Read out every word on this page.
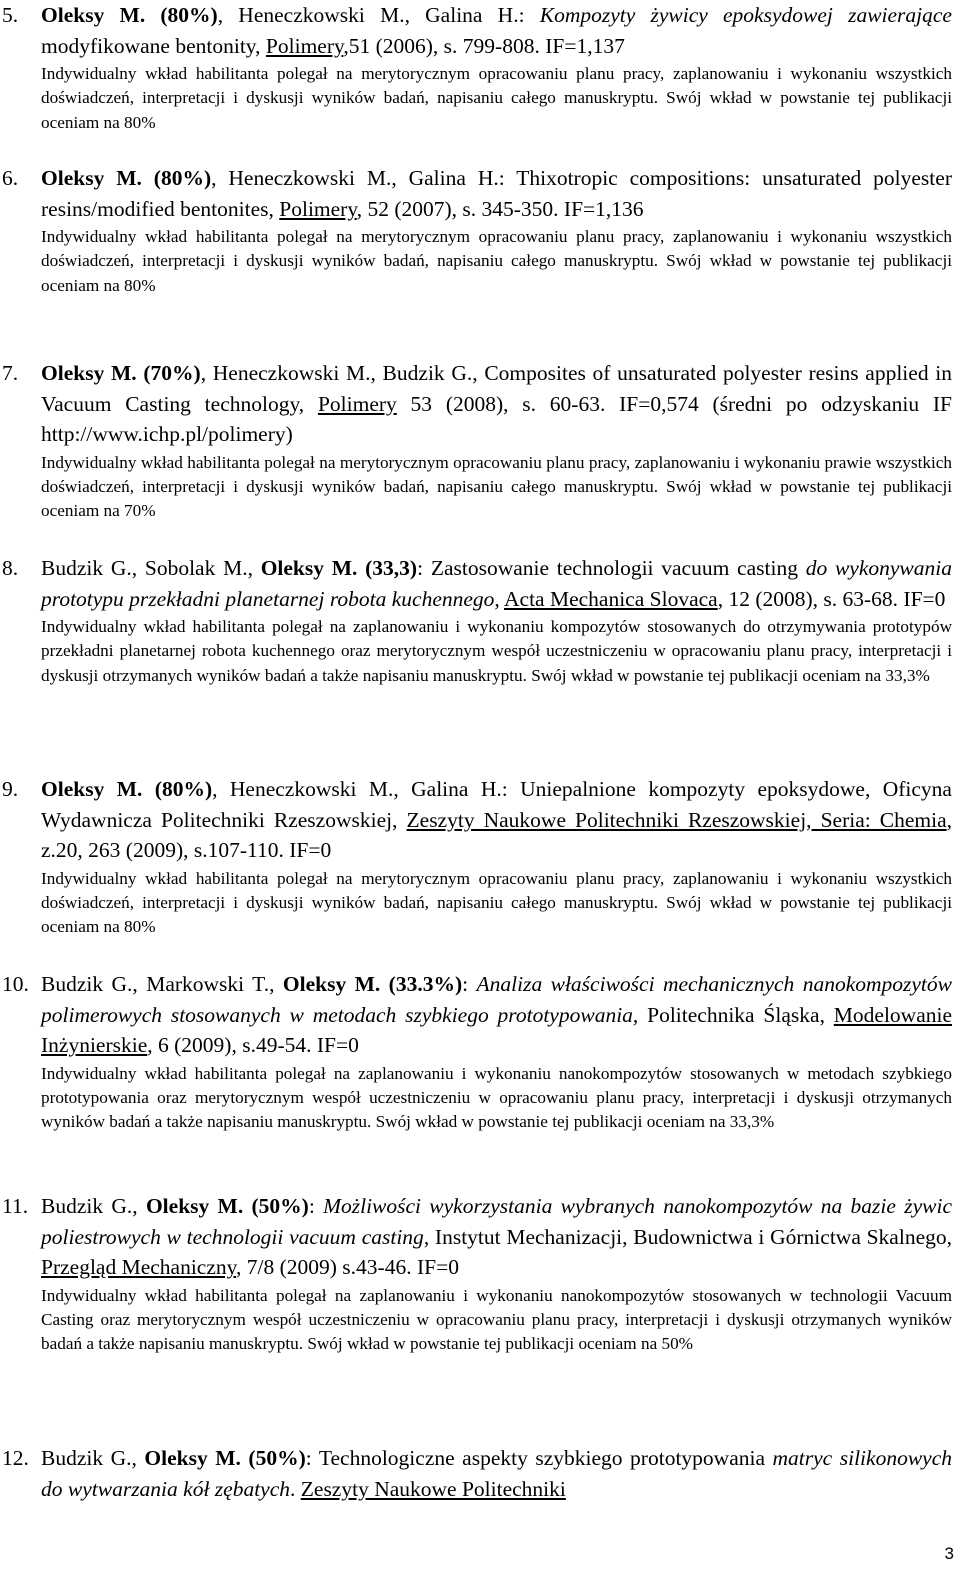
5. Oleksy M. (80%), Heneczkowski M., Galina H.: Kompozyty żywicy epoksydowej zawierające modyfikowane bentonity, Polimery,51 (2006), s. 799-808. IF=1,137
Indywidualny wkład habilitanta polegał na merytorycznym opracowaniu planu pracy, zaplanowaniu i wykonaniu wszystkich doświadczeń, interpretacji i dyskusji wyników badań, napisaniu całego manuskryptu. Swój wkład w powstanie tej publikacji oceniam na 80%
6. Oleksy M. (80%), Heneczkowski M., Galina H.: Thixotropic compositions: unsaturated polyester resins/modified bentonites, Polimery, 52 (2007), s. 345-350. IF=1,136
Indywidualny wkład habilitanta polegał na merytorycznym opracowaniu planu pracy, zaplanowaniu i wykonaniu wszystkich doświadczeń, interpretacji i dyskusji wyników badań, napisaniu całego manuskryptu. Swój wkład w powstanie tej publikacji oceniam na 80%
7. Oleksy M. (70%), Heneczkowski M., Budzik G., Composites of unsaturated polyester resins applied in Vacuum Casting technology, Polimery 53 (2008), s. 60-63. IF=0,574 (średni po odzyskaniu IF http://www.ichp.pl/polimery)
Indywidualny wkład habilitanta polegał na merytorycznym opracowaniu planu pracy, zaplanowaniu i wykonaniu prawie wszystkich doświadczeń, interpretacji i dyskusji wyników badań, napisaniu całego manuskryptu. Swój wkład w powstanie tej publikacji oceniam na 70%
8. Budzik G., Sobolak M., Oleksy M. (33,3): Zastosowanie technologii vacuum casting do wykonywania prototypu przekładni planetarnej robota kuchennego, Acta Mechanica Slovaca, 12 (2008), s. 63-68. IF=0
Indywidualny wkład habilitanta polegał na zaplanowaniu i wykonaniu kompozytów stosowanych do otrzymywania prototypów przekładni planetarnej robota kuchennego oraz merytorycznym wespół uczestniczeniu w opracowaniu planu pracy, interpretacji i dyskusji otrzymanych wyników badań a także napisaniu manuskryptu. Swój wkład w powstanie tej publikacji oceniam na 33,3%
9. Oleksy M. (80%), Heneczkowski M., Galina H.: Uniepalnione kompozyty epoksydowe, Oficyna Wydawnicza Politechniki Rzeszowskiej, Zeszyty Naukowe Politechniki Rzeszowskiej, Seria: Chemia, z.20, 263 (2009), s.107-110. IF=0
Indywidualny wkład habilitanta polegał na merytorycznym opracowaniu planu pracy, zaplanowaniu i wykonaniu wszystkich doświadczeń, interpretacji i dyskusji wyników badań, napisaniu całego manuskryptu. Swój wkład w powstanie tej publikacji oceniam na 80%
10. Budzik G., Markowski T., Oleksy M. (33.3%): Analiza właściwości mechanicznych nanokompozytów polimerowych stosowanych w metodach szybkiego prototypowania, Politechnika Śląska, Modelowanie Inżynierskie, 6 (2009), s.49-54. IF=0
Indywidualny wkład habilitanta polegał na zaplanowaniu i wykonaniu nanokompozytów stosowanych w metodach szybkiego prototypowania oraz merytorycznym wespół uczestniczeniu w opracowaniu planu pracy, interpretacji i dyskusji otrzymanych wyników badań a także napisaniu manuskryptu. Swój wkład w powstanie tej publikacji oceniam na 33,3%
11. Budzik G., Oleksy M. (50%): Możliwości wykorzystania wybranych nanokompozytów na bazie żywic poliestrowych w technologii vacuum casting, Instytut Mechanizacji, Budownictwa i Górnictwa Skalnego, Przegląd Mechaniczny, 7/8 (2009) s.43-46. IF=0
Indywidualny wkład habilitanta polegał na zaplanowaniu i wykonaniu nanokompozytów stosowanych w technologii Vacuum Casting oraz merytorycznym wespół uczestniczeniu w opracowaniu planu pracy, interpretacji i dyskusji otrzymanych wyników badań a także napisaniu manuskryptu. Swój wkład w powstanie tej publikacji oceniam na 50%
12. Budzik G., Oleksy M. (50%): Technologiczne aspekty szybkiego prototypowania matryc silikonowych do wytwarzania kół zębatych. Zeszyty Naukowe Politechniki
3
